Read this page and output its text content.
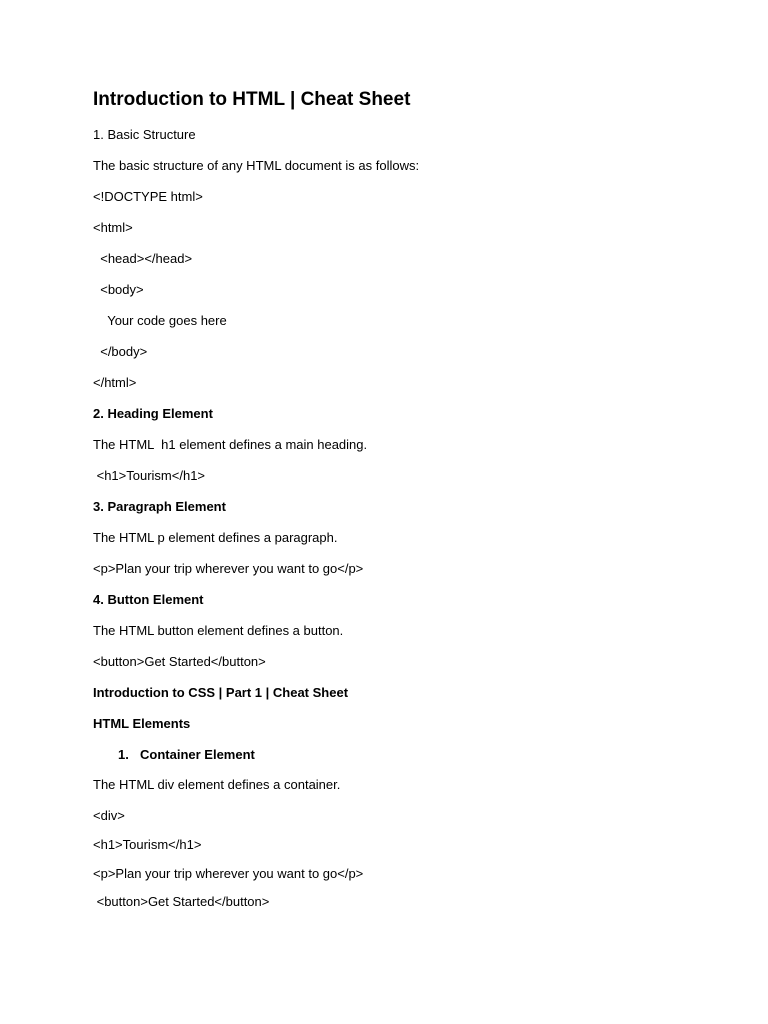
Introduction to HTML | Cheat Sheet
1. Basic Structure
The basic structure of any HTML document is as follows:
<!DOCTYPE html>
<html>
<head></head>
<body>
Your code goes here
</body>
</html>
2. Heading Element
The HTML  h1 element defines a main heading.
<h1>Tourism</h1>
3. Paragraph Element
The HTML p element defines a paragraph.
<p>Plan your trip wherever you want to go</p>
4. Button Element
The HTML button element defines a button.
<button>Get Started</button>
Introduction to CSS | Part 1 | Cheat Sheet
HTML Elements
1. Container Element
The HTML div element defines a container.
<div>
<h1>Tourism</h1>
<p>Plan your trip wherever you want to go</p>
<button>Get Started</button>
